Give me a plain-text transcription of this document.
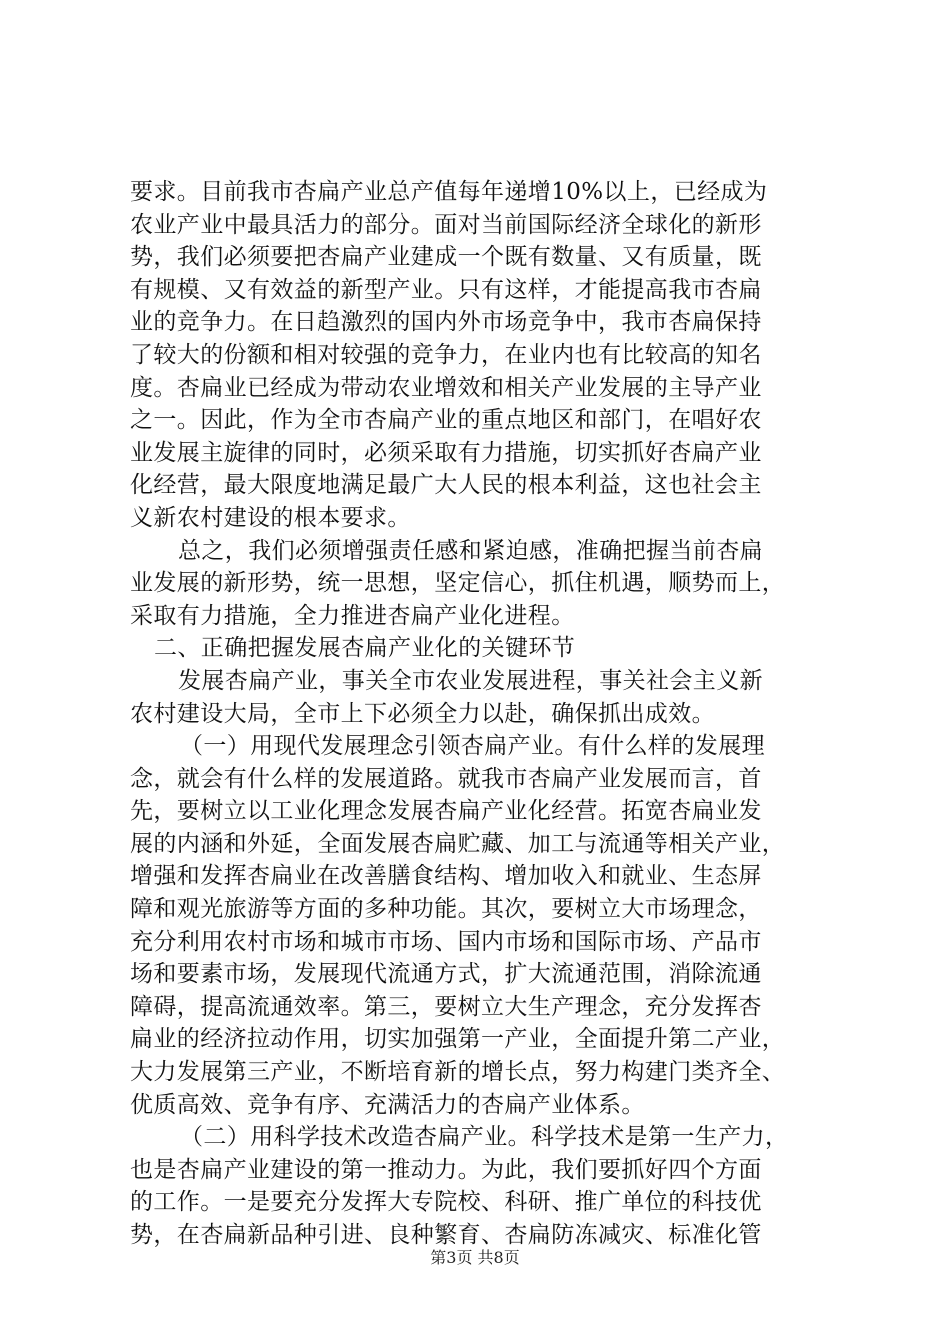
要求。目前我市杏扁产业总产值每年递增10%以上，已经成为
农业产业中最具活力的部分。面对当前国际经济全球化的新形
势，我们必须要把杏扁产业建成一个既有数量、又有质量，既
有规模、又有效益的新型产业。只有这样，才能提高我市杏扁
业的竞争力。在日趋激烈的国内外市场竞争中，我市杏扁保持
了较大的份额和相对较强的竞争力，在业内也有比较高的知名
度。杏扁业已经成为带动农业增效和相关产业发展的主导产业
之一。因此，作为全市杏扁产业的重点地区和部门，在唱好农
业发展主旋律的同时，必须采取有力措施，切实抓好杏扁产业
化经营，最大限度地满足最广大人民的根本利益，这也社会主
义新农村建设的根本要求。
总之，我们必须增强责任感和紧迫感，准确把握当前杏扁
业发展的新形势，统一思想，坚定信心，抓住机遇，顺势而上，
采取有力措施，全力推进杏扁产业化进程。
二、正确把握发展杏扁产业化的关键环节
发展杏扁产业，事关全市农业发展进程，事关社会主义新
农村建设大局，全市上下必须全力以赴，确保抓出成效。
（一）用现代发展理念引领杏扁产业。有什么样的发展理
念，就会有什么样的发展道路。就我市杏扁产业发展而言，首
先，要树立以工业化理念发展杏扁产业化经营。拓宽杏扁业发
展的内涵和外延，全面发展杏扁贮藏、加工与流通等相关产业，
增强和发挥杏扁业在改善膳食结构、增加收入和就业、生态屏
障和观光旅游等方面的多种功能。其次，要树立大市场理念，
充分利用农村市场和城市市场、国内市场和国际市场、产品市
场和要素市场，发展现代流通方式，扩大流通范围，消除流通
障碍，提高流通效率。第三，要树立大生产理念，充分发挥杏
扁业的经济拉动作用，切实加强第一产业，全面提升第二产业，
大力发展第三产业，不断培育新的增长点，努力构建门类齐全、
优质高效、竞争有序、充满活力的杏扁产业体系。
（二）用科学技术改造杏扁产业。科学技术是第一生产力，
也是杏扁产业建设的第一推动力。为此，我们要抓好四个方面
的工作。一是要充分发挥大专院校、科研、推广单位的科技优
势，在杏扁新品种引进、良种繁育、杏扁防冻减灾、标准化管
第3页 共8页
